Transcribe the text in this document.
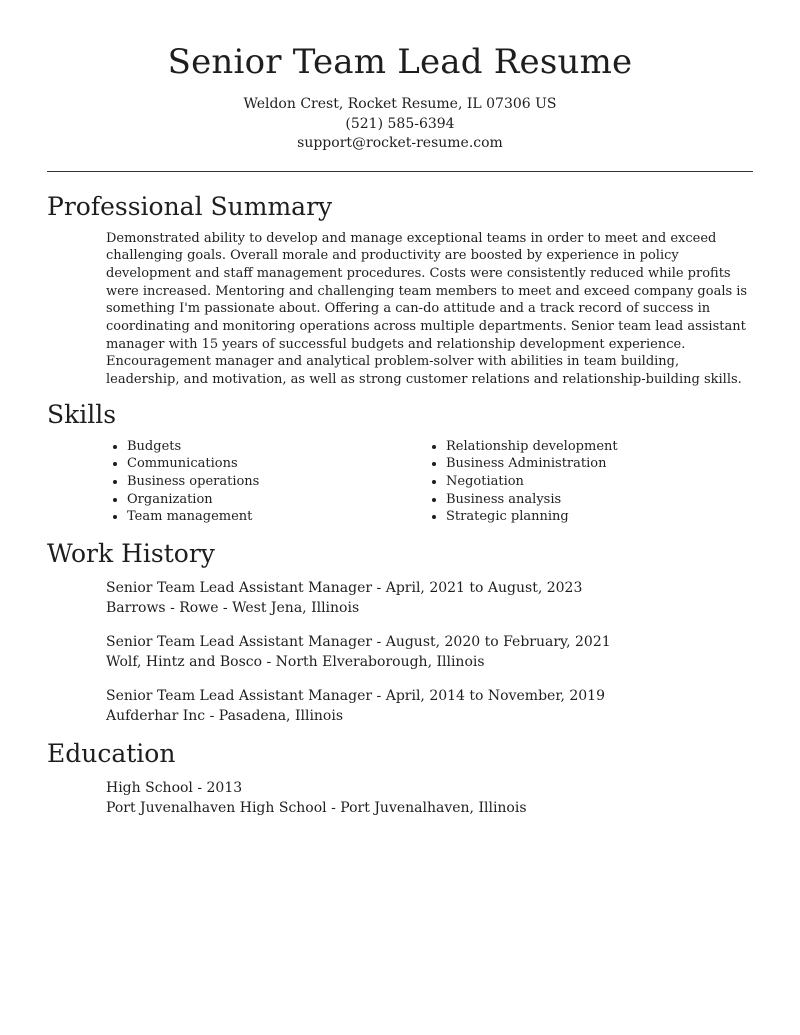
Senior Team Lead Resume
Weldon Crest, Rocket Resume, IL 07306 US
(521) 585-6394
support@rocket-resume.com
Professional Summary
Demonstrated ability to develop and manage exceptional teams in order to meet and exceed challenging goals. Overall morale and productivity are boosted by experience in policy development and staff management procedures. Costs were consistently reduced while profits were increased. Mentoring and challenging team members to meet and exceed company goals is something I'm passionate about. Offering a can-do attitude and a track record of success in coordinating and monitoring operations across multiple departments. Senior team lead assistant manager with 15 years of successful budgets and relationship development experience. Encouragement manager and analytical problem-solver with abilities in team building, leadership, and motivation, as well as strong customer relations and relationship-building skills.
Skills
• Budgets
• Communications
• Business operations
• Organization
• Team management
• Relationship development
• Business Administration
• Negotiation
• Business analysis
• Strategic planning
Work History
Senior Team Lead Assistant Manager - April, 2021 to August, 2023
Barrows - Rowe - West Jena, Illinois
Senior Team Lead Assistant Manager - August, 2020 to February, 2021
Wolf, Hintz and Bosco - North Elveraborough, Illinois
Senior Team Lead Assistant Manager - April, 2014 to November, 2019
Aufderhar Inc - Pasadena, Illinois
Education
High School - 2013
Port Juvenalhaven High School - Port Juvenalhaven, Illinois
